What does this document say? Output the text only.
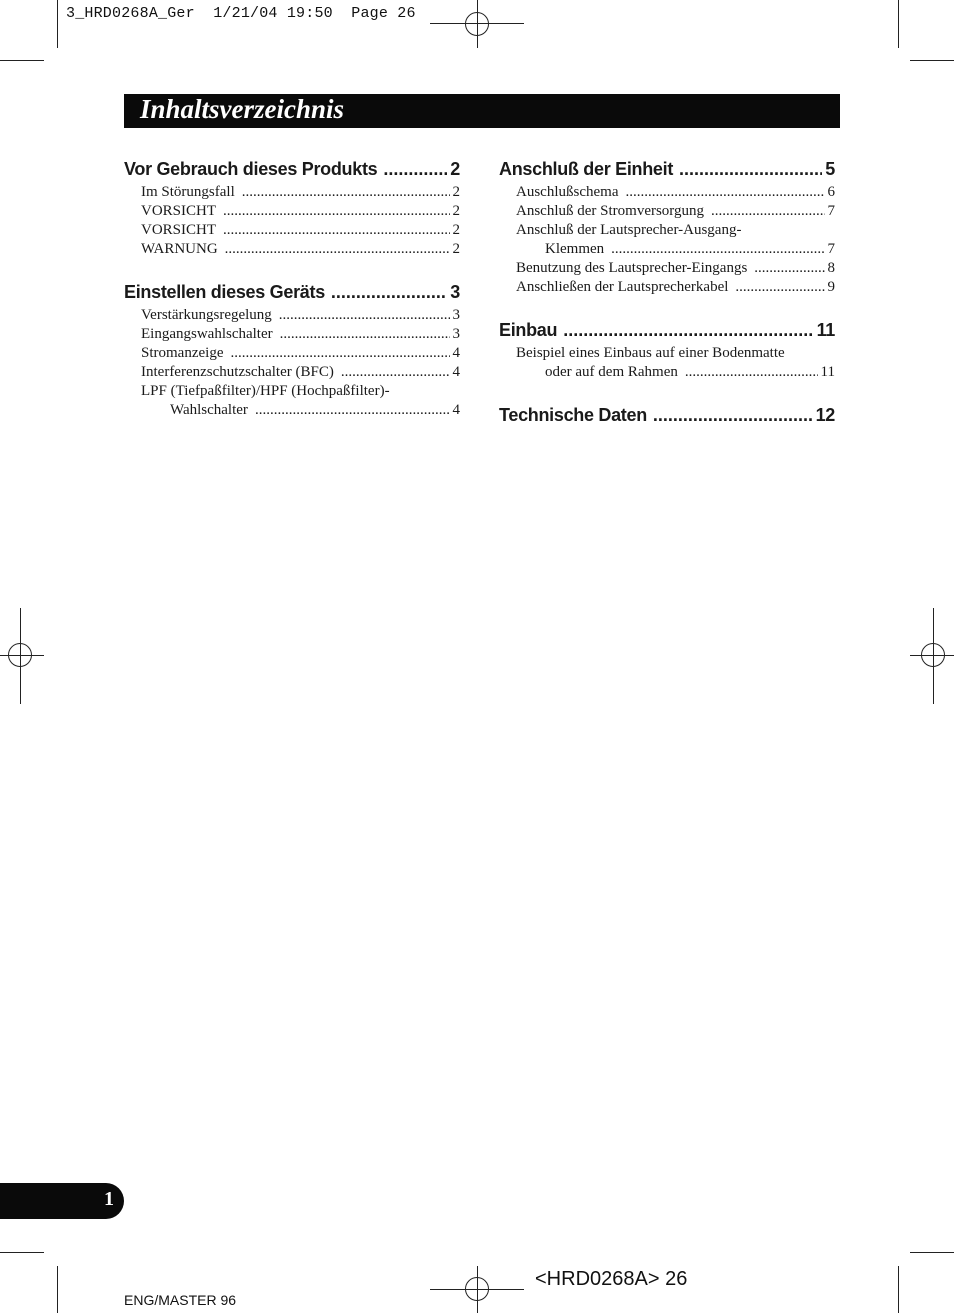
3_HRD0268A_Ger  1/21/04 19:50  Page 26
Inhaltsverzeichnis
Vor Gebrauch dieses Produkts .....	2
Im Störungsfall .....	2
VORSICHT .....	2
VORSICHT .....	2
WARNUNG .....	2
Einstellen dieses Geräts .....	3
Verstärkungsregelung .....	3
Eingangswahlschalter .....	3
Stromanzeige .....	4
Interferenzschutzschalter (BFC) .....	4
LPF (Tiefpaßfilter)/HPF (Hochpaßfilter)-
Wahlschalter .....	4
Anschluß der Einheit .....	5
Auschlußschema .....	6
Anschluß der Stromversorgung .....	7
Anschluß der Lautsprecher-Ausgang-
Klemmen .....	7
Benutzung des Lautsprecher-Eingangs .....	8
Anschließen der Lautsprecherkabel .....	9
Einbau .....	11
Beispiel eines Einbaus auf einer Bodenmatte
oder auf dem Rahmen .....	11
Technische Daten .....	12
1
<HRD0268A> 26
ENG/MASTER 96
